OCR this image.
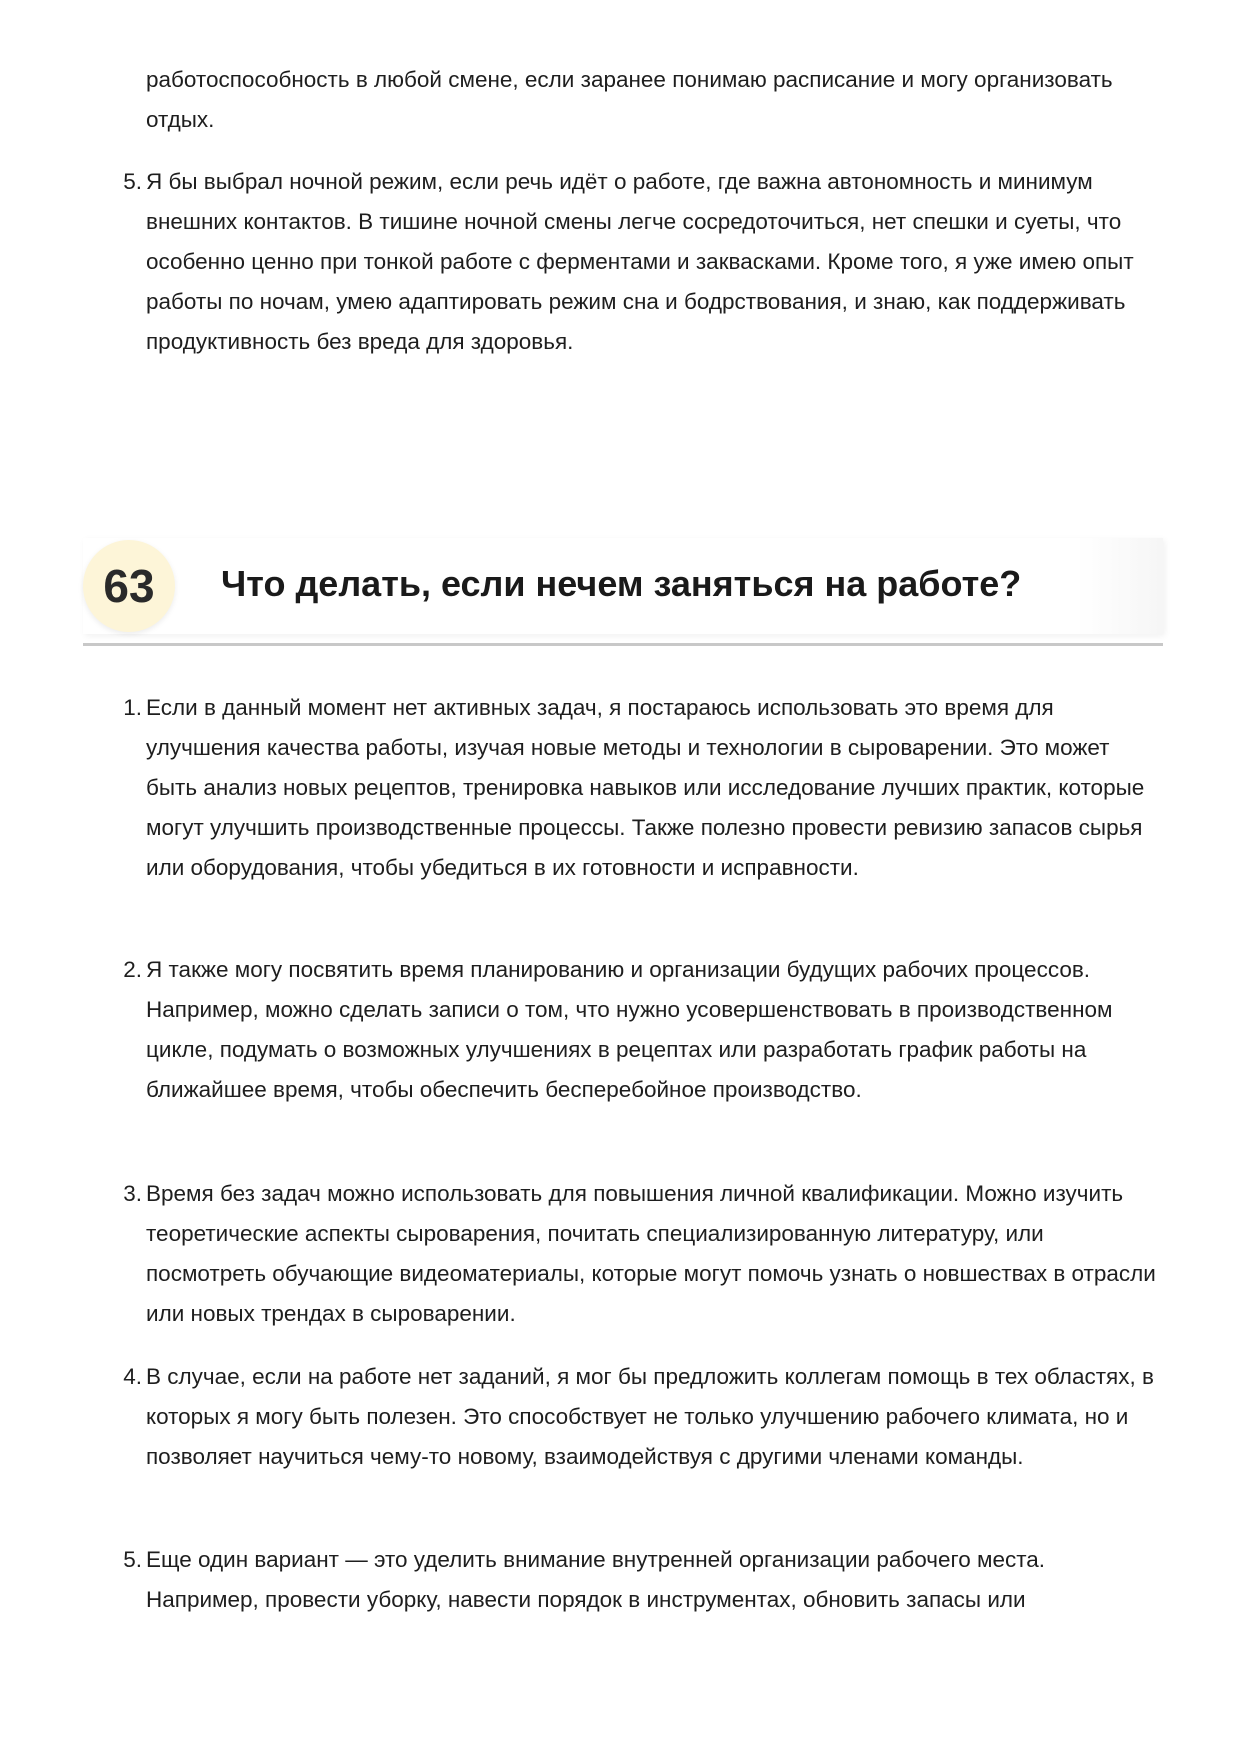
работоспособность в любой смене, если заранее понимаю расписание и могу организовать отдых.

5. Я бы выбрал ночной режим, если речь идёт о работе, где важна автономность и минимум внешних контактов. В тишине ночной смены легче сосредоточиться, нет спешки и суеты, что особенно ценно при тонкой работе с ферментами и заквасками. Кроме того, я уже имею опыт работы по ночам, умею адаптировать режим сна и бодрствования, и знаю, как поддерживать продуктивность без вреда для здоровья.

63	Что делать, если нечем заняться на работе?

1. Если в данный момент нет активных задач, я постараюсь использовать это время для улучшения качества работы, изучая новые методы и технологии в сыроварении. Это может быть анализ новых рецептов, тренировка навыков или исследование лучших практик, которые могут улучшить производственные процессы. Также полезно провести ревизию запасов сырья или оборудования, чтобы убедиться в их готовности и исправности.

2. Я также могу посвятить время планированию и организации будущих рабочих процессов. Например, можно сделать записи о том, что нужно усовершенствовать в производственном цикле, подумать о возможных улучшениях в рецептах или разработать график работы на ближайшее время, чтобы обеспечить бесперебойное производство.

3. Время без задач можно использовать для повышения личной квалификации. Можно изучить теоретические аспекты сыроварения, почитать специализированную литературу, или посмотреть обучающие видеоматериалы, которые могут помочь узнать о новшествах в отрасли или новых трендах в сыроварении.

4. В случае, если на работе нет заданий, я мог бы предложить коллегам помощь в тех областях, в которых я могу быть полезен. Это способствует не только улучшению рабочего климата, но и позволяет научиться чему-то новому, взаимодействуя с другими членами команды.

5. Еще один вариант — это уделить внимание внутренней организации рабочего места. Например, провести уборку, навести порядок в инструментах, обновить запасы или
